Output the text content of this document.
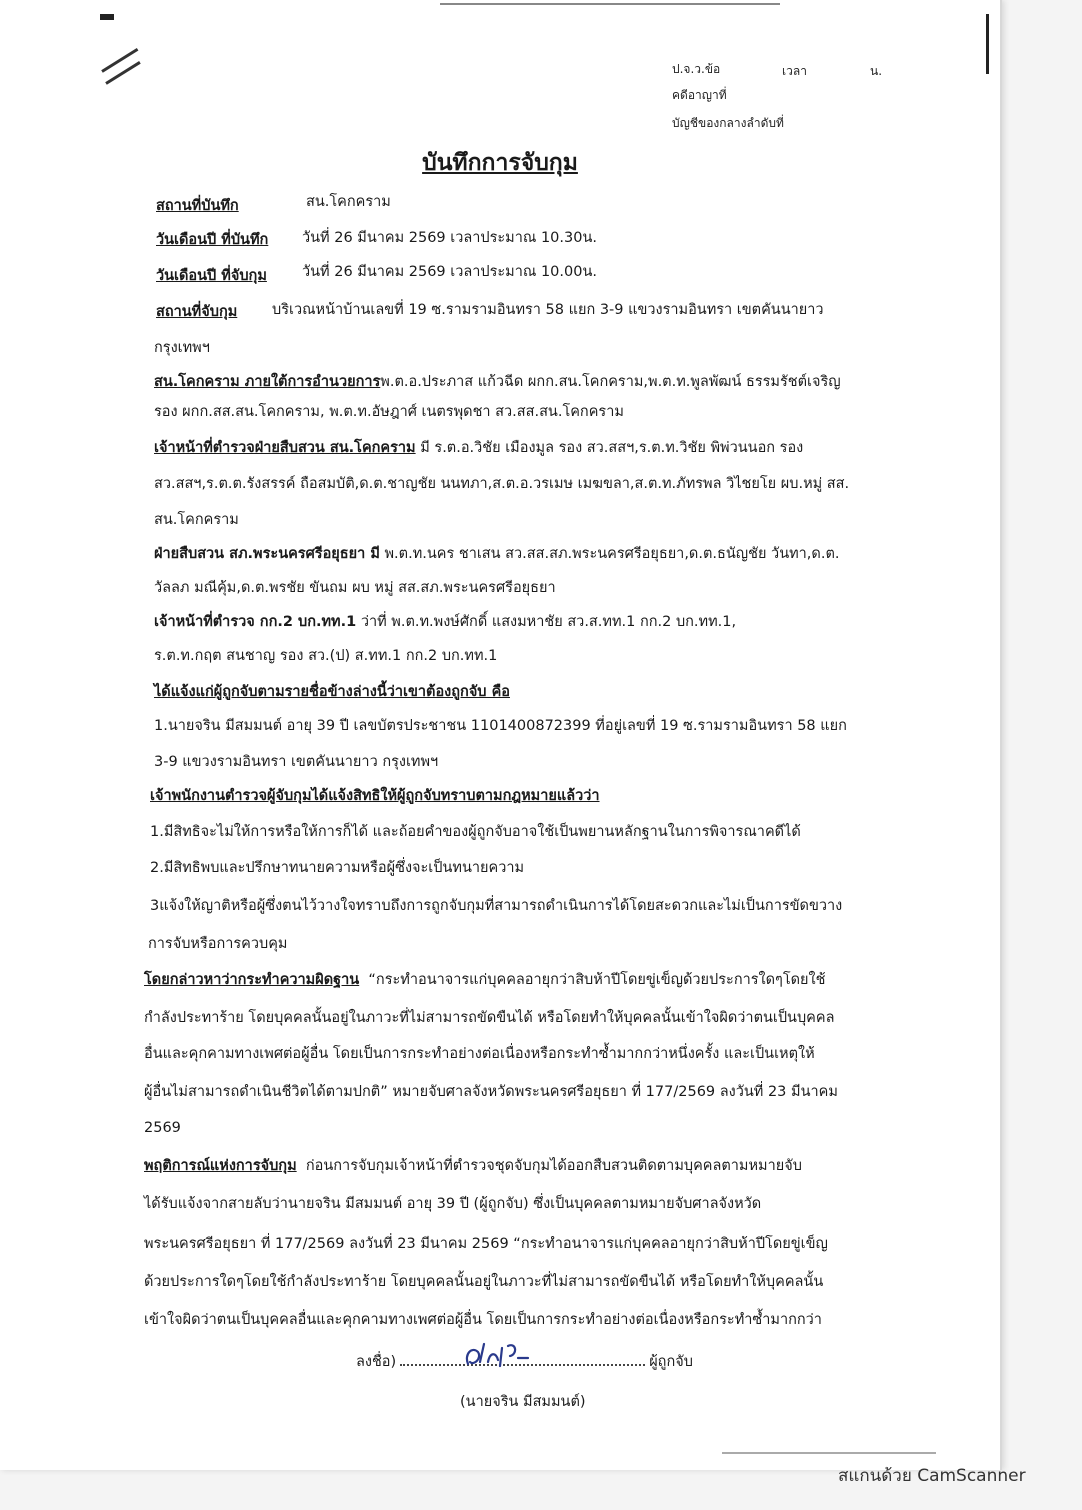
ป.จ.ว.ข้อ	เวลา	น.
คดีอาญาที่
บัญชีของกลางลำดับที่
บันทึกการจับกุม
สถานที่บันทึก	สน.โคกคราม
วันเดือนปี ที่บันทึก วันที่ 26 มีนาคม 2569 เวลาประมาณ 10.30น.
วันเดือนปี ที่จับกุม วันที่ 26 มีนาคม 2569 เวลาประมาณ 10.00น.
สถานที่จับกุม บริเวณหน้าบ้านเลขที่ 19 ซ.รามรามอินทรา 58 แยก 3-9 แขวงรามอินทรา เขตคันนายาว
กรุงเทพฯ
สน.โคกคราม ภายใต้การอำนวยการพ.ต.อ.ประภาส แก้วฉีด ผกก.สน.โคกคราม,พ.ต.ท.พูลพัฒน์ ธรรมรัชต์เจริญ
รอง ผกก.สส.สน.โคกคราม, พ.ต.ท.อัษฎาศ์ เนตรพุดชา สว.สส.สน.โคกคราม
เจ้าหน้าที่ตำรวจฝ่ายสืบสวน สน.โคกคราม มี ร.ต.อ.วิชัย เมืองมูล รอง สว.สสฯ,ร.ต.ท.วิชัย พิพ่วนนอก รอง
สว.สสฯ,ร.ต.ต.รังสรรค์ ถือสมบัติ,ด.ต.ชาญชัย นนทภา,ส.ต.อ.วรเมษ เมฆขลา,ส.ต.ท.ภัทรพล วิไชยโย ผบ.หมู่ สส.
สน.โคกคราม
ฝ่ายสืบสวน สภ.พระนครศรีอยุธยา มี พ.ต.ท.นคร ชาเสน สว.สส.สภ.พระนครศรีอยุธยา,ด.ต.ธนัญชัย วันทา,ด.ต.
วัลลภ มณีคุ้ม,ด.ต.พรชัย ขันถม ผบ หมู่ สส.สภ.พระนครศรีอยุธยา
เจ้าหน้าที่ตำรวจ กก.2 บก.ทท.1 ว่าที่ พ.ต.ท.พงษ์ศักดิ์ แสงมหาชัย สว.ส.ทท.1 กก.2 บก.ทท.1,
ร.ต.ท.กฤต สนชาญ รอง สว.(ป) ส.ทท.1 กก.2 บก.ทท.1
ได้แจ้งแก่ผู้ถูกจับตามรายชื่อข้างล่างนี้ว่าเขาต้องถูกจับ คือ
1.นายจริน มีสมมนต์ อายุ 39 ปี เลขบัตรประชาชน 1101400872399 ที่อยู่เลขที่ 19 ซ.รามรามอินทรา 58 แยก
3-9 แขวงรามอินทรา เขตคันนายาว กรุงเทพฯ
เจ้าพนักงานตำรวจผู้จับกุมได้แจ้งสิทธิให้ผู้ถูกจับทราบตามกฎหมายแล้วว่า
1.มีสิทธิจะไม่ให้การหรือให้การก็ได้ และถ้อยคำของผู้ถูกจับอาจใช้เป็นพยานหลักฐานในการพิจารณาคดีได้
2.มีสิทธิพบและปรึกษาทนายความหรือผู้ซึ่งจะเป็นทนายความ
3แจ้งให้ญาติหรือผู้ซึ่งตนไว้วางใจทราบถึงการถูกจับกุมที่สามารถดำเนินการได้โดยสะดวกและไม่เป็นการขัดขวาง
การจับหรือการควบคุม
โดยกล่าวหาว่ากระทำความผิดฐาน “กระทำอนาจารแก่บุคคลอายุกว่าสิบห้าปีโดยขู่เข็ญด้วยประการใดๆโดยใช้
กำลังประทาร้าย โดยบุคคลนั้นอยู่ในภาวะที่ไม่สามารถขัดขืนได้ หรือโดยทำให้บุคคลนั้นเข้าใจผิดว่าตนเป็นบุคคล
อื่นและคุกคามทางเพศต่อผู้อื่น โดยเป็นการกระทำอย่างต่อเนื่องหรือกระทำซ้ำมากกว่าหนึ่งครั้ง และเป็นเหตุให้
ผู้อื่นไม่สามารถดำเนินชีวิตได้ตามปกติ” หมายจับศาลจังหวัดพระนครศรีอยุธยา ที่ 177/2569 ลงวันที่ 23 มีนาคม
2569
พฤติการณ์แห่งการจับกุม ก่อนการจับกุมเจ้าหน้าที่ตำรวจชุดจับกุมได้ออกสืบสวนติดตามบุคคลตามหมายจับ
ได้รับแจ้งจากสายลับว่านายจริน มีสมมนต์ อายุ 39 ปี (ผู้ถูกจับ) ซึ่งเป็นบุคคลตามหมายจับศาลจังหวัด
พระนครศรีอยุธยา ที่ 177/2569 ลงวันที่ 23 มีนาคม 2569 “กระทำอนาจารแก่บุคคลอายุกว่าสิบห้าปีโดยขู่เข็ญ
ด้วยประการใดๆโดยใช้กำลังประทาร้าย โดยบุคคลนั้นอยู่ในภาวะที่ไม่สามารถขัดขืนได้ หรือโดยทำให้บุคคลนั้น
เข้าใจผิดว่าตนเป็นบุคคลอื่นและคุกคามทางเพศต่อผู้อื่น โดยเป็นการกระทำอย่างต่อเนื่องหรือกระทำซ้ำมากกว่า
ลงชื่อ)	ผู้ถูกจับ
(นายจริน มีสมมนต์)
สแกนด้วย CamScanner
